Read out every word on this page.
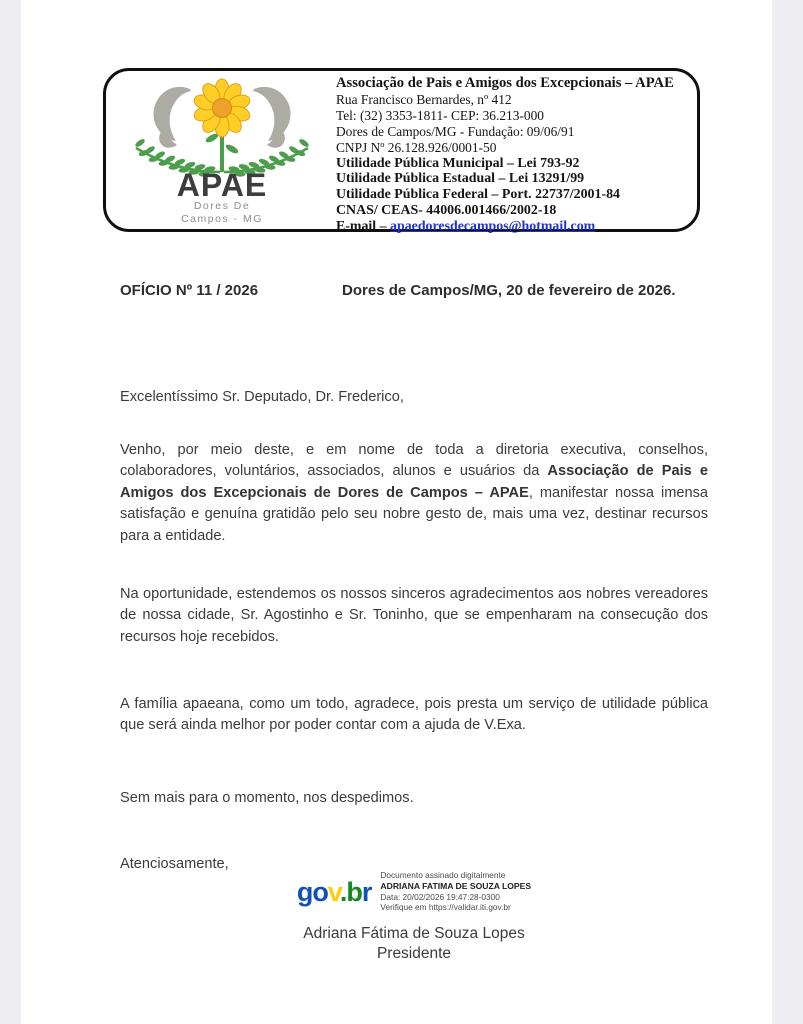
APAE
Dores De
Campos - MG
Associação de Pais e Amigos dos Excepcionais – APAE
Rua Francisco Bernardes, nº 412
Tel: (32) 3353-1811- CEP: 36.213-000
Dores de Campos/MG - Fundação: 09/06/91
CNPJ Nº 26.128.926/0001-50
Utilidade Pública Municipal – Lei 793-92
Utilidade Pública Estadual – Lei 13291/99
Utilidade Pública Federal – Port. 22737/2001-84
CNAS/ CEAS- 44006.001466/2002-18
E-mail – apaedoresdecampos@hotmail.com
OFÍCIO Nº 11 / 2026	Dores de Campos/MG, 20 de fevereiro de 2026.
Excelentíssimo Sr. Deputado, Dr. Frederico,
Venho, por meio deste, e em nome de toda a diretoria executiva, conselhos, colaboradores, voluntários, associados, alunos e usuários da Associação de Pais e Amigos dos Excepcionais de Dores de Campos – APAE, manifestar nossa imensa satisfação e genuína gratidão pelo seu nobre gesto de, mais uma vez, destinar recursos para a entidade.
Na oportunidade, estendemos os nossos sinceros agradecimentos aos nobres vereadores de nossa cidade, Sr. Agostinho e Sr. Toninho, que se empenharam na consecução dos recursos hoje recebidos.
A família apaeana, como um todo, agradece, pois presta um serviço de utilidade pública que será ainda melhor por poder contar com a ajuda de V.Exa.
Sem mais para o momento, nos despedimos.
Atenciosamente,
gov.br
Documento assinado digitalmente
ADRIANA FATIMA DE SOUZA LOPES
Data: 20/02/2026 19:47:28-0300
Verifique em https://validar.iti.gov.br
Adriana Fátima de Souza Lopes
Presidente
